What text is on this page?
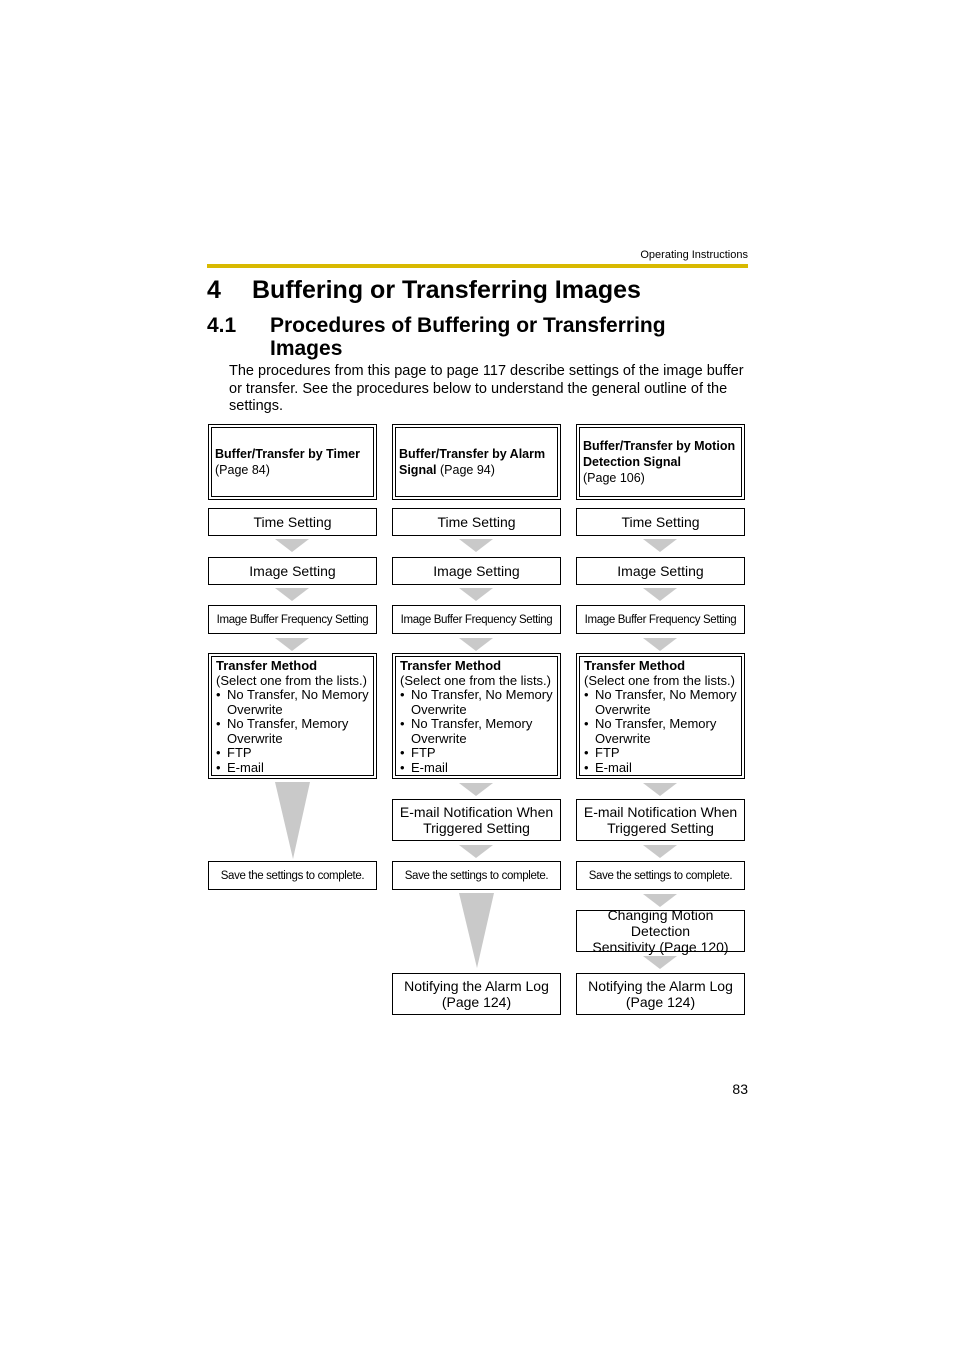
Operating Instructions
4 Buffering or Transferring Images
4.1 Procedures of Buffering or Transferring Images
The procedures from this page to page 117 describe settings of the image buffer or transfer. See the procedures below to understand the general outline of the settings.
Buffer/Transfer by Timer
(Page 84)
Time Setting
Image Setting
Image Buffer Frequency Setting
Transfer Method
(Select one from the lists.)
• No Transfer, No Memory Overwrite
• No Transfer, Memory Overwrite
• FTP
• E-mail
Save the settings to complete.
Buffer/Transfer by Alarm Signal (Page 94)
Time Setting
Image Setting
Image Buffer Frequency Setting
Transfer Method
(Select one from the lists.)
• No Transfer, No Memory Overwrite
• No Transfer, Memory Overwrite
• FTP
• E-mail
E-mail Notification When
Triggered Setting
Save the settings to complete.
Notifying the Alarm Log
(Page 124)
Buffer/Transfer by Motion Detection Signal
(Page 106)
Time Setting
Image Setting
Image Buffer Frequency Setting
Transfer Method
(Select one from the lists.)
• No Transfer, No Memory Overwrite
• No Transfer, Memory Overwrite
• FTP
• E-mail
E-mail Notification When
Triggered Setting
Save the settings to complete.
Changing Motion Detection
Sensitivity (Page 120)
Notifying the Alarm Log
(Page 124)
83
